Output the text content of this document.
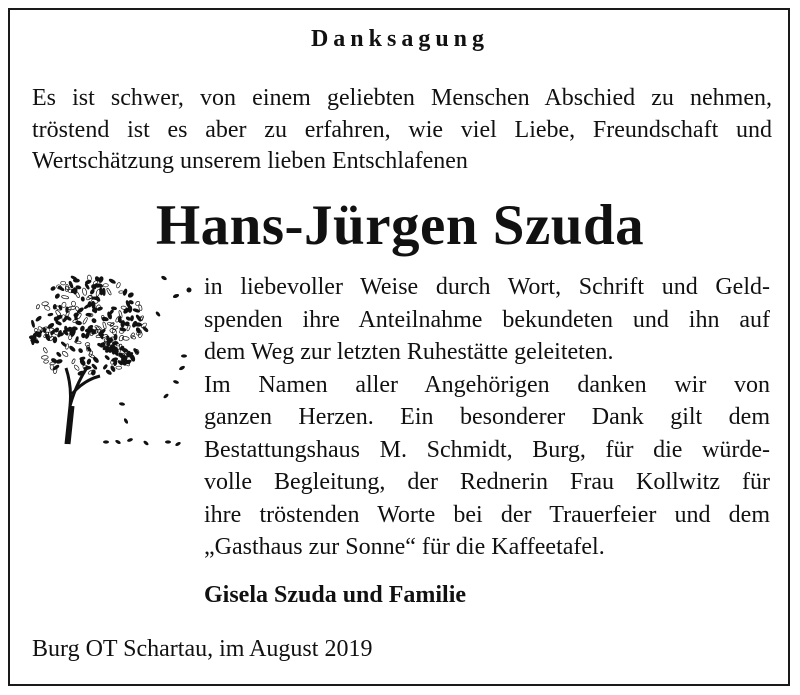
Danksagung
Es ist schwer, von einem geliebten Menschen Abschied zu nehmen,
tröstend ist es aber zu erfahren, wie viel Liebe, Freundschaft und
Wertschätzung unserem lieben Entschlafenen
Hans-Jürgen Szuda
in liebevoller Weise durch Wort, Schrift und Geld-
spenden ihre Anteilnahme bekundeten und ihn auf
dem Weg zur letzten Ruhestätte geleiteten.
Im Namen aller Angehörigen danken wir von
ganzen Herzen. Ein besonderer Dank gilt dem
Bestattungshaus M. Schmidt, Burg, für die würde-
volle Begleitung, der Rednerin Frau Kollwitz für
ihre tröstenden Worte bei der Trauerfeier und dem
„Gasthaus zur Sonne“ für die Kaffeetafel.
Gisela Szuda und Familie
Burg OT Schartau, im August 2019
